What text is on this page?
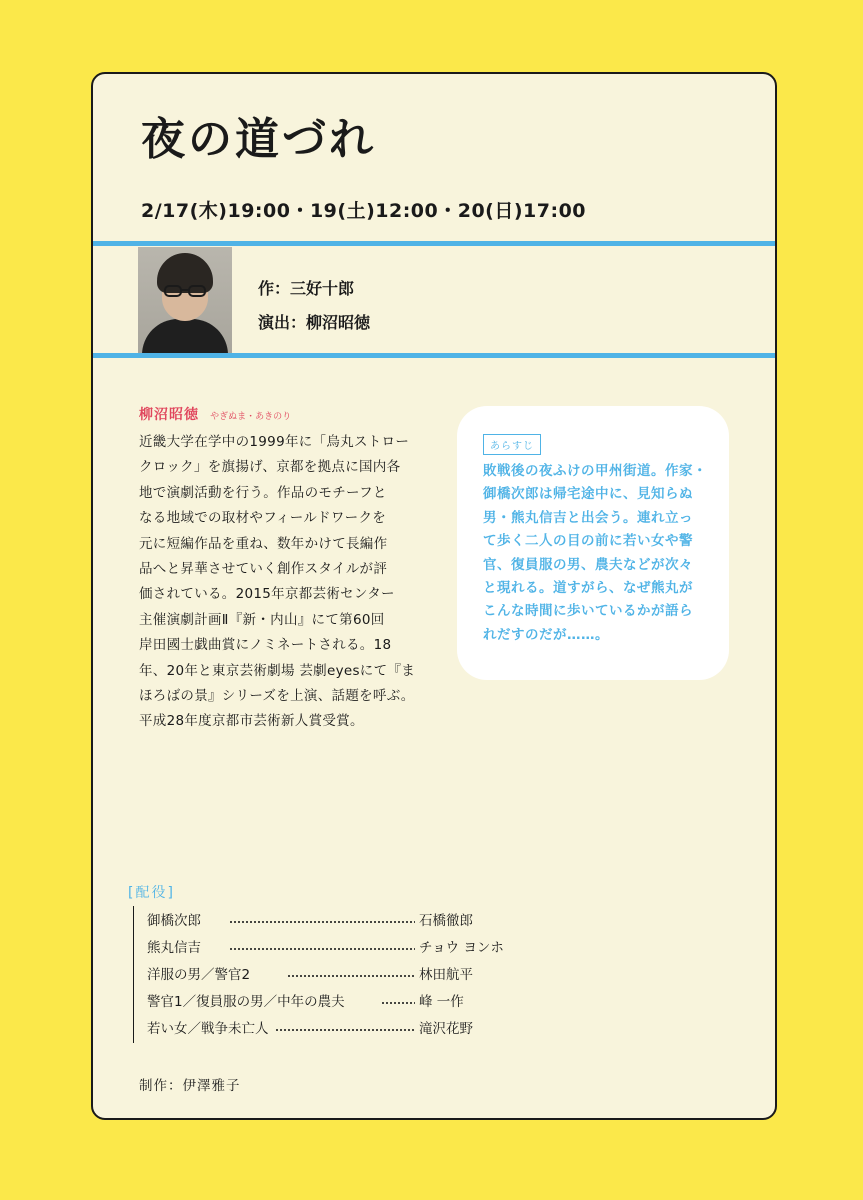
夜の道づれ
2/17(木)19:00・19(土)12:00・20(日)17:00
作：三好十郎
演出：柳沼昭徳
柳沼昭徳 やぎぬま・あきのり
近畿大学在学中の1999年に「烏丸ストロー
クロック」を旗揚げ、京都を拠点に国内各
地で演劇活動を行う。作品のモチーフと
なる地域での取材やフィールドワークを
元に短編作品を重ね、数年かけて長編作
品へと昇華させていく創作スタイルが評
価されている。2015年京都芸術センター
主催演劇計画Ⅱ『新・内山』にて第60回
岸田國士戯曲賞にノミネートされる。18
年、20年と東京芸術劇場 芸劇eyesにて『ま
ほろばの景』シリーズを上演、話題を呼ぶ。
平成28年度京都市芸術新人賞受賞。
あらすじ
敗戦後の夜ふけの甲州街道。作家・
御橋次郎は帰宅途中に、見知らぬ
男・熊丸信吉と出会う。連れ立っ
て歩く二人の目の前に若い女や警
官、復員服の男、農夫などが次々
と現れる。道すがら、なぜ熊丸が
こんな時間に歩いているかが語ら
れだすのだが……。
[配役]
御橋次郎	石橋徹郎
熊丸信吉	チョウ ヨンホ
洋服の男／警官2	林田航平
警官1／復員服の男／中年の農夫	峰 一作
若い女／戦争未亡人	滝沢花野
制作：伊澤雅子
